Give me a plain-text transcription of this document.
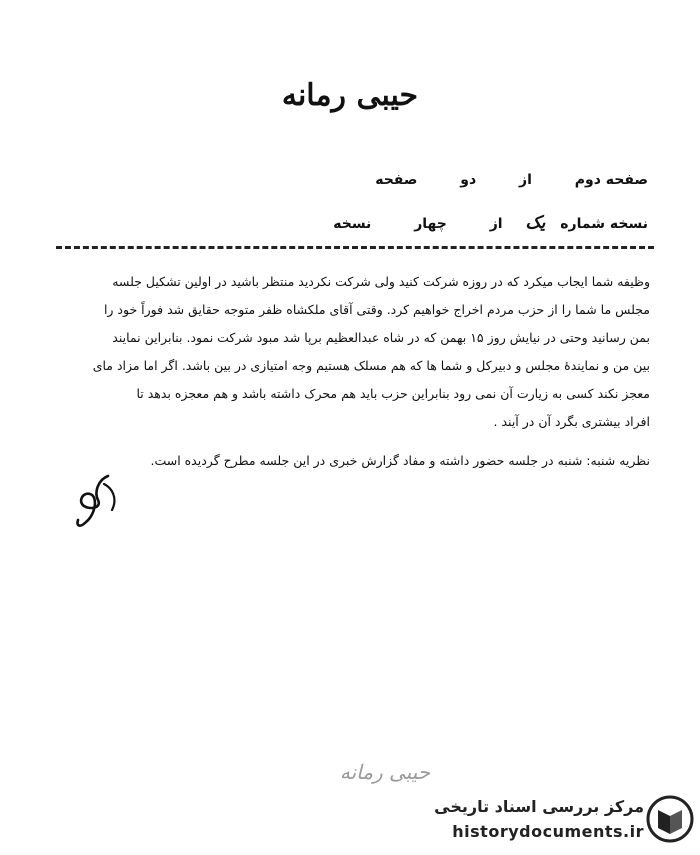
حیبی رمانه
صفحه دوم از دو صفحه
نسخه شماره یک از چهار نسخه

وظیفه شما ایجاب میکرد که در روزه شرکت کنید ولی شرکت نکردید منتظر باشید در اولین تشکیل جلسه

مجلس ما شما را از حزب مردم اخراج خواهیم کرد. وقتی آقای ملکشاه ظفر متوجه حقایق شد فوراً خود را

بمن رسانید وحتی در نیایش روز ۱۵ بهمن که در شاه عبدالعظیم برپا شد مبود شرکت نمود. بنابراین نمایند

بین من و نمایندهٔ مجلس و دبیرکل و شما ها که هم مسلک هستیم وجه امتیازی در بین باشد. اگر اما مزاد مای

معجز نکند کسی به زیارت آن نمی رود بنابراین حزب باید هم محرک داشته باشد و هم معجزه بدهد تا

افراد بیشتری بگرد آن در آیند .

نظریه شنبه: شنبه در جلسه حضور داشته و مفاد گزارش خبری در این جلسه مطرح گردیده است.
حیبی رمانه
مرکز بررسی اسناد تاریخی
historydocuments.ir
